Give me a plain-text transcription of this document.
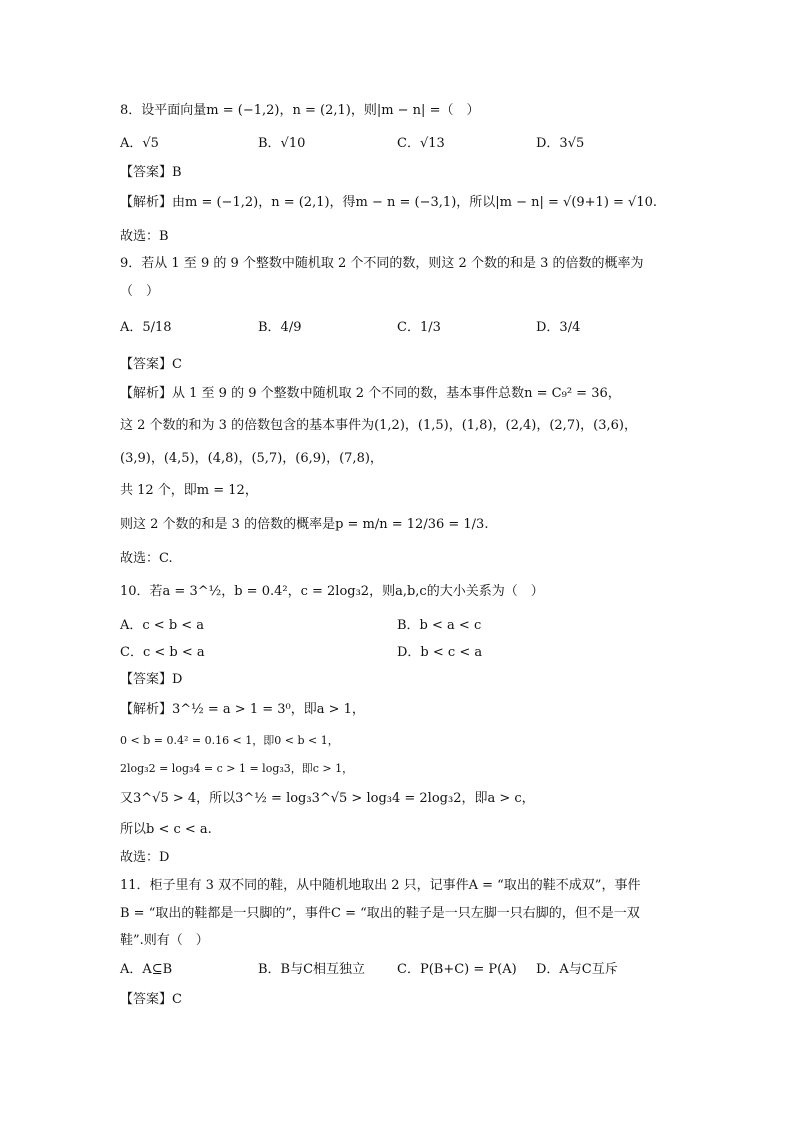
8．设平面向量m = (−1,2)，n = (2,1)，则|m − n| =（　）
A．√5	B．√10	C．√13	D．3√5
【答案】B
【解析】由m = (−1,2)，n = (2,1)，得m − n = (−3,1)，所以|m − n| = √(9+1) = √10.
故选：B
9．若从 1 至 9 的 9 个整数中随机取 2 个不同的数，则这 2 个数的和是 3 的倍数的概率为
（　）
A．5/18	B．4/9	C．1/3	D．3/4
【答案】C
【解析】从 1 至 9 的 9 个整数中随机取 2 个不同的数，基本事件总数n = C₉² = 36，
这 2 个数的和为 3 的倍数包含的基本事件为(1,2)，(1,5)，(1,8)，(2,4)，(2,7)，(3,6)，
(3,9)，(4,5)，(4,8)，(5,7)，(6,9)，(7,8)，
共 12 个，即m = 12，
则这 2 个数的和是 3 的倍数的概率是p = m/n = 12/36 = 1/3.
故选：C.
10．若a = 3^½，b = 0.4²，c = 2log₃2，则a,b,c的大小关系为（　）
A．c < b < a	B．b < a < c
C．c < b < a	D．b < c < a
【答案】D
【解析】3^½ = a > 1 = 3⁰，即a > 1，
0 < b = 0.4² = 0.16 < 1，即0 < b < 1，
2log₃2 = log₃4 = c > 1 = log₃3，即c > 1，
又3^√5 > 4，所以3^½ = log₃3^√5 > log₃4 = 2log₃2，即a > c，
所以b < c < a.
故选：D
11．柜子里有 3 双不同的鞋，从中随机地取出 2 只，记事件A = “取出的鞋不成双”，事件
B = “取出的鞋都是一只脚的”，事件C = “取出的鞋子是一只左脚一只右脚的，但不是一双
鞋”.则有（　）
A．A⊆B	B．B与C相互独立 C．P(B+C) = P(A) D．A与C互斥
【答案】C
